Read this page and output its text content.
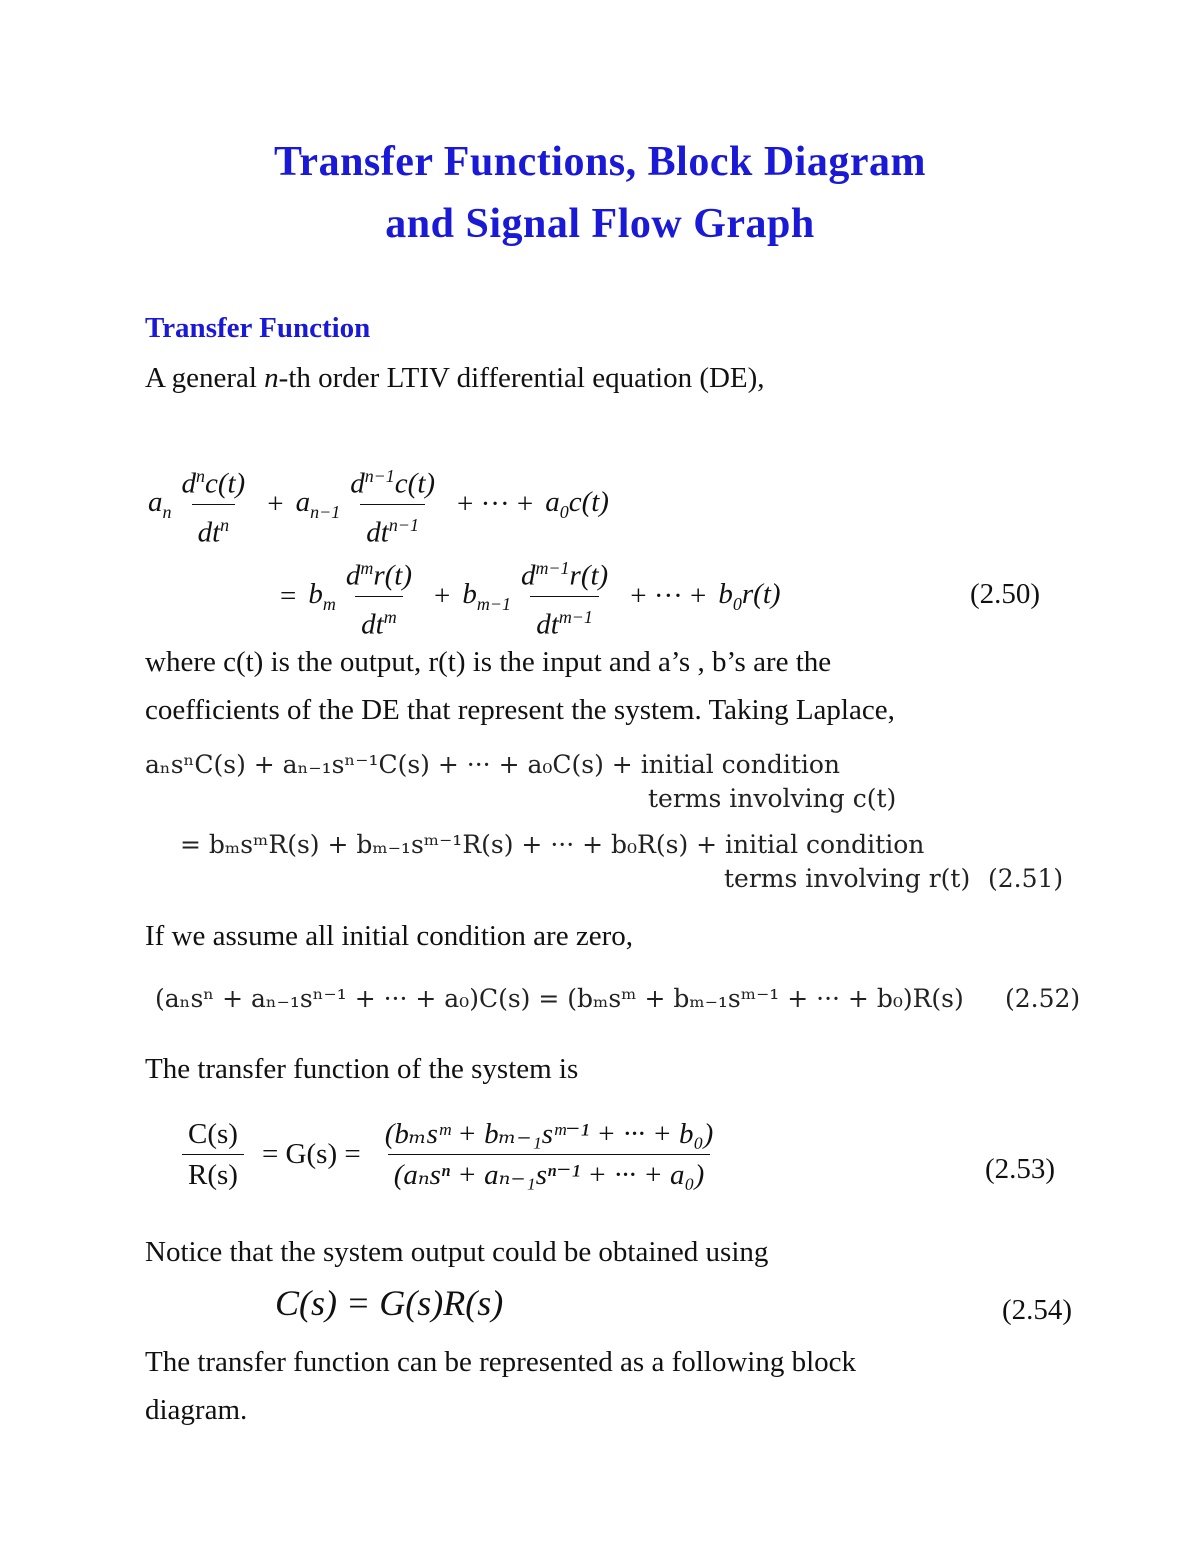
Transfer Functions, Block Diagram
and Signal Flow Graph
Transfer Function
A general n-th order LTIV differential equation (DE),
$a_n \frac{d^nc(t)}{dt^n} + a_{n-1} \frac{d^{n-1}c(t)}{dt^{n-1}}$ + ··· + $a_0c(t)$
= $b_m \frac{d^mr(t)}{dt^m} + b_{m-1} \frac{d^{m-1}r(t)}{dt^{m-1}}$ + ··· + $b_0r(t)$	(2.50)
where c(t) is the output, r(t) is the input and a’s , b’s are the
coefficients of the DE that represent the system. Taking Laplace,
aₙsⁿC(s) + aₙ₋₁sⁿ⁻¹C(s) + ··· + a₀C(s) + initial condition
terms involving c(t)
= bₘsᵐR(s) + bₘ₋₁sᵐ⁻¹R(s) + ··· + b₀R(s) + initial condition
terms involving r(t) (2.51)
If we assume all initial condition are zero,
(aₙsⁿ + aₙ₋₁sⁿ⁻¹ + ··· + a₀)C(s) = (bₘsᵐ + bₘ₋₁sᵐ⁻¹ + ··· + b₀)R(s) (2.52)
The transfer function of the system is
$\frac{C(s)}{R(s)} = G(s) = \frac{\text{(bₘsᵐ + bₘ₋₁sᵐ⁻¹ + ··· + b₀)}}{\text{(aₙsⁿ + aₙ₋₁sⁿ⁻¹ + ··· + a₀)}}$	(2.53)
Notice that the system output could be obtained using
C(s) = G(s)R(s)	(2.54)
The transfer function can be represented as a following block
diagram.
